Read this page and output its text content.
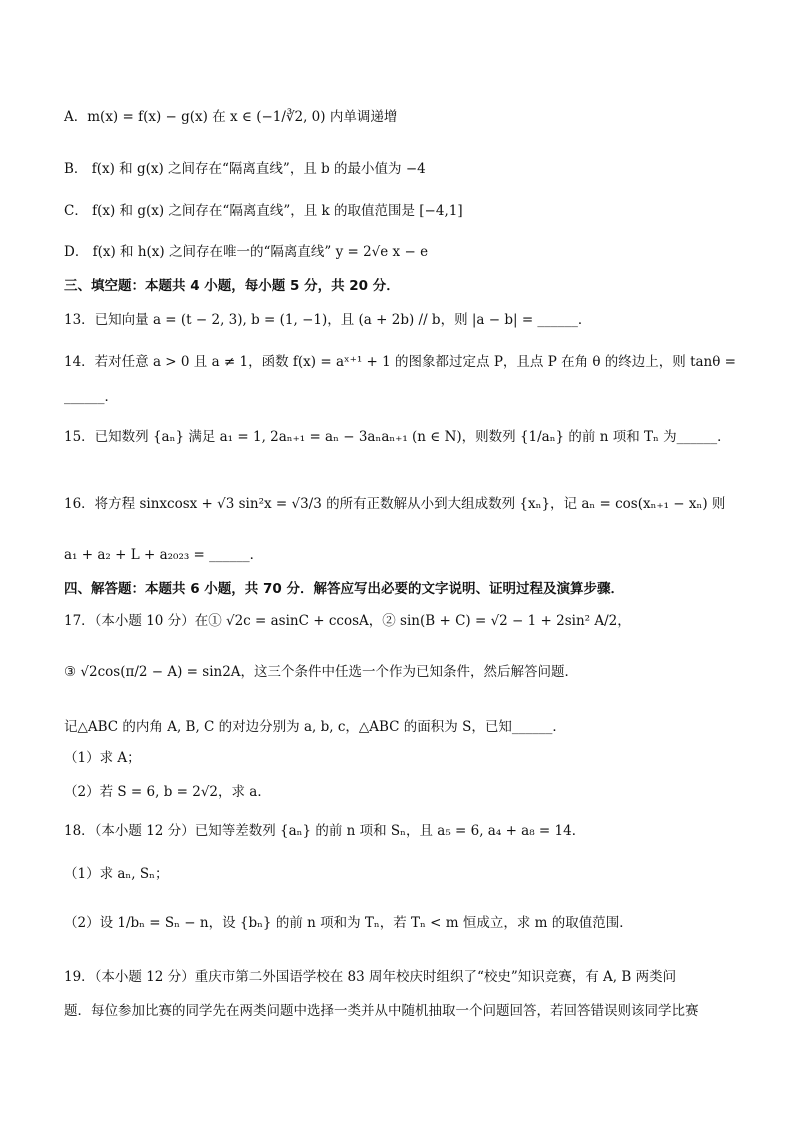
A．m(x) = f(x) − g(x) 在 x ∈ (−1/∛2, 0) 内单调递增
B． f(x) 和 g(x) 之间存在“隔离直线”，且 b 的最小值为 −4
C． f(x) 和 g(x) 之间存在“隔离直线”，且 k 的取值范围是 [−4,1]
D． f(x) 和 h(x) 之间存在唯一的“隔离直线” y = 2√e x − e
三、填空题：本题共 4 小题，每小题 5 分，共 20 分．
13．已知向量 a = (t − 2, 3), b = (1, −1)，且 (a + 2b) // b，则 |a − b| = ______．
14．若对任意 a > 0 且 a ≠ 1，函数 f(x) = aˣ⁺¹ + 1 的图象都过定点 P，且点 P 在角 θ 的终边上，则 tanθ =
______．
15．已知数列 {aₙ} 满足 a₁ = 1, 2aₙ₊₁ = aₙ − 3aₙaₙ₊₁ (n ∈ N)，则数列 {1/aₙ} 的前 n 项和 Tₙ 为______．
16．将方程 sinxcosx + √3 sin²x = √3/3 的所有正数解从小到大组成数列 {xₙ}，记 aₙ = cos(xₙ₊₁ − xₙ) 则
a₁ + a₂ + L + a₂₀₂₃ = ______．
四、解答题：本题共 6 小题，共 70 分．解答应写出必要的文字说明、证明过程及演算步骤．
17．（本小题 10 分）在① √2c = asinC + ccosA，② sin(B + C) = √2 − 1 + 2sin² A/2，
③ √2cos(π/2 − A) = sin2A，这三个条件中任选一个作为已知条件，然后解答问题．
记△ABC 的内角 A, B, C 的对边分别为 a, b, c，△ABC 的面积为 S，已知______．
（1）求 A；
（2）若 S = 6, b = 2√2，求 a．
18．（本小题 12 分）已知等差数列 {aₙ} 的前 n 项和 Sₙ，且 a₅ = 6, a₄ + a₈ = 14．
（1）求 aₙ, Sₙ；
（2）设 1/bₙ = Sₙ − n，设 {bₙ} 的前 n 项和为 Tₙ，若 Tₙ < m 恒成立，求 m 的取值范围．
19．（本小题 12 分）重庆市第二外国语学校在 83 周年校庆时组织了“校史”知识竞赛，有 A, B 两类问
题．每位参加比赛的同学先在两类问题中选择一类并从中随机抽取一个问题回答，若回答错误则该同学比赛
